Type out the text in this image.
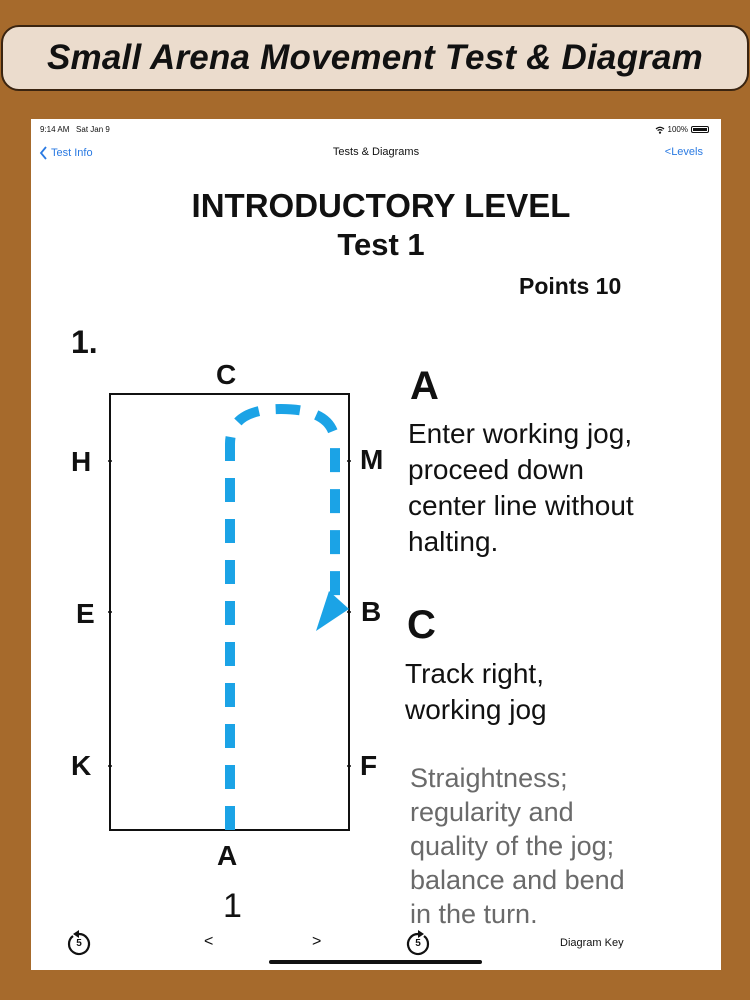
Small Arena Movement Test & Diagram
9:14 AM Sat Jan 9	100%
Test Info	Tests & Diagrams	<Levels
INTRODUCTORY LEVEL
Test 1
Points 10
1.
C
A
H
E
K
M
B
F
A
Enter working jog,
proceed down
center line without
halting.
C
Track right,
working jog
Straightness;
regularity and
quality of the jog;
balance and bend
in the turn.
1
5	<	>	5	Diagram Key
